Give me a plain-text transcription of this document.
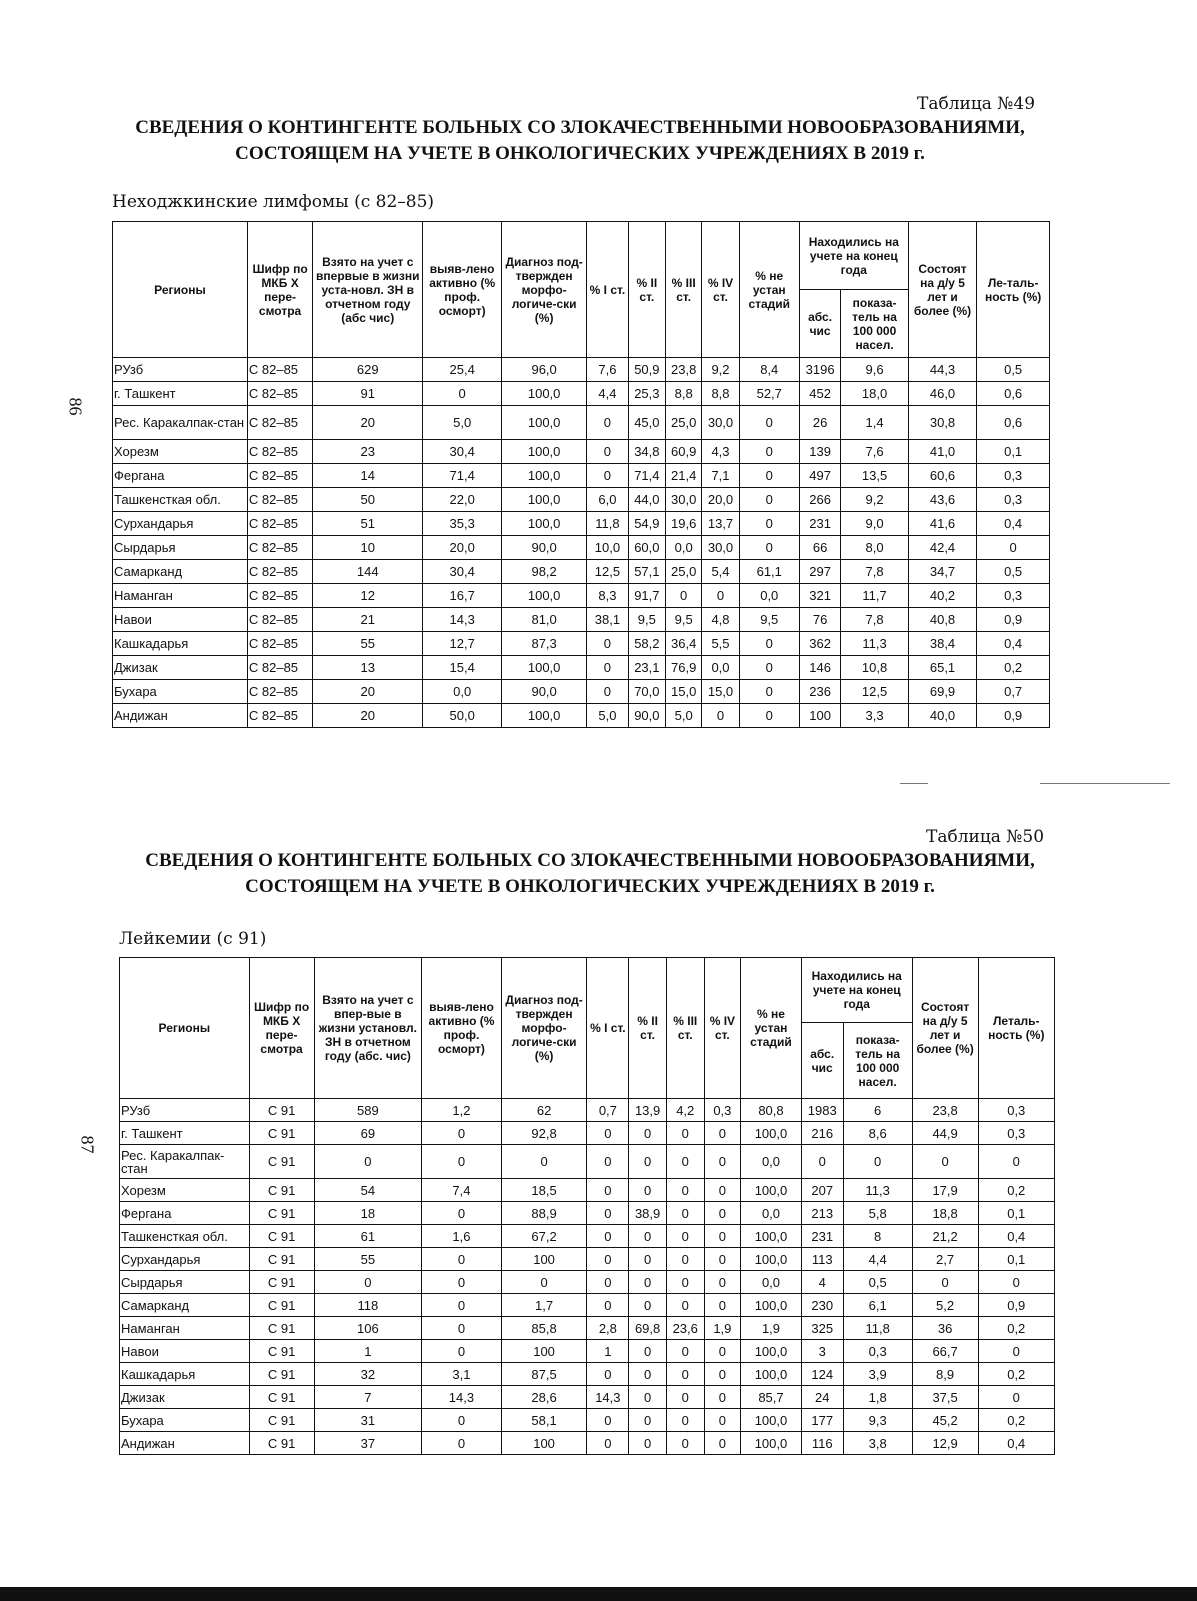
86
87
Таблица №49
СВЕДЕНИЯ О КОНТИНГЕНТЕ БОЛЬНЫХ СО ЗЛОКАЧЕСТВЕННЫМИ НОВООБРАЗОВАНИЯМИ,
СОСТОЯЩЕМ НА УЧЕТЕ В ОНКОЛОГИЧЕСКИХ УЧРЕЖДЕНИЯХ В 2019 г.
Неходжкинские лимфомы (с 82–85)
Регионы	Шифр по МКБ Х пере-смотра	Взято на учет с впервые в жизни уста-новл. ЗН в отчетном году (абс чис)	выяв-лено активно (% проф. осморт)	Диагноз под-твержден морфо-логиче-ски (%)	% I ст.	% II ст.	% III ст.	% IV ст.	% не устан стадий	Находились на учете на конец года		Состоят на д/у 5 лет и более (%)	Ле-таль-ность (%)
										абс. чис	показа-тель на 100 000 насел.		
РУзб	С 82–85	629	25,4	96,0	7,6	50,9	23,8	9,2	8,4	3196	9,6	44,3	0,5
г. Ташкент	С 82–85	91	0	100,0	4,4	25,3	8,8	8,8	52,7	452	18,0	46,0	0,6
Рес. Каракалпак-стан	С 82–85	20	5,0	100,0	0	45,0	25,0	30,0	0	26	1,4	30,8	0,6
Хорезм	С 82–85	23	30,4	100,0	0	34,8	60,9	4,3	0	139	7,6	41,0	0,1
Фергана	С 82–85	14	71,4	100,0	0	71,4	21,4	7,1	0	497	13,5	60,6	0,3
Ташкенсткая обл.	С 82–85	50	22,0	100,0	6,0	44,0	30,0	20,0	0	266	9,2	43,6	0,3
Сурхандарья	С 82–85	51	35,3	100,0	11,8	54,9	19,6	13,7	0	231	9,0	41,6	0,4
Сырдарья	С 82–85	10	20,0	90,0	10,0	60,0	0,0	30,0	0	66	8,0	42,4	0
Самарканд	С 82–85	144	30,4	98,2	12,5	57,1	25,0	5,4	61,1	297	7,8	34,7	0,5
Наманган	С 82–85	12	16,7	100,0	8,3	91,7	0	0	0,0	321	11,7	40,2	0,3
Навои	С 82–85	21	14,3	81,0	38,1	9,5	9,5	4,8	9,5	76	7,8	40,8	0,9
Кашкадарья	С 82–85	55	12,7	87,3	0	58,2	36,4	5,5	0	362	11,3	38,4	0,4
Джизак	С 82–85	13	15,4	100,0	0	23,1	76,9	0,0	0	146	10,8	65,1	0,2
Бухара	С 82–85	20	0,0	90,0	0	70,0	15,0	15,0	0	236	12,5	69,9	0,7
Андижан	С 82–85	20	50,0	100,0	5,0	90,0	5,0	0	0	100	3,3	40,0	0,9
Таблица №50
СВЕДЕНИЯ О КОНТИНГЕНТЕ БОЛЬНЫХ СО ЗЛОКАЧЕСТВЕННЫМИ НОВООБРАЗОВАНИЯМИ,
СОСТОЯЩЕМ НА УЧЕТЕ В ОНКОЛОГИЧЕСКИХ УЧРЕЖДЕНИЯХ В 2019 г.
Лейкемии (с 91)
Регионы	Шифр по МКБ Х пере-смотра	Взято на учет с впер-вые в жизни установл. ЗН в отчетном году (абс. чис)	выяв-лено активно (% проф. осморт)	Диагноз под-твержден морфо-логиче-ски (%)	% I ст.	% II ст.	% III ст.	% IV ст.	% не устан стадий	Находились на учете на конец года		Состоят на д/у 5 лет и более (%)	Леталь-ность (%)
										абс. чис	показа-тель на 100 000 насел.		
РУзб	С 91	589	1,2	62	0,7	13,9	4,2	0,3	80,8	1983	6	23,8	0,3
г. Ташкент	С 91	69	0	92,8	0	0	0	0	100,0	216	8,6	44,9	0,3
Рес. Каракалпак-стан	С 91	0	0	0	0	0	0	0	0,0	0	0	0	0
Хорезм	С 91	54	7,4	18,5	0	0	0	0	100,0	207	11,3	17,9	0,2
Фергана	С 91	18	0	88,9	0	38,9	0	0	0,0	213	5,8	18,8	0,1
Ташкенсткая обл.	С 91	61	1,6	67,2	0	0	0	0	100,0	231	8	21,2	0,4
Сурхандарья	С 91	55	0	100	0	0	0	0	100,0	113	4,4	2,7	0,1
Сырдарья	С 91	0	0	0	0	0	0	0	0,0	4	0,5	0	0
Самарканд	С 91	118	0	1,7	0	0	0	0	100,0	230	6,1	5,2	0,9
Наманган	С 91	106	0	85,8	2,8	69,8	23,6	1,9	1,9	325	11,8	36	0,2
Навои	С 91	1	0	100	1	0	0	0	100,0	3	0,3	66,7	0
Кашкадарья	С 91	32	3,1	87,5	0	0	0	0	100,0	124	3,9	8,9	0,2
Джизак	С 91	7	14,3	28,6	14,3	0	0	0	85,7	24	1,8	37,5	0
Бухара	С 91	31	0	58,1	0	0	0	0	100,0	177	9,3	45,2	0,2
Андижан	С 91	37	0	100	0	0	0	0	100,0	116	3,8	12,9	0,4
